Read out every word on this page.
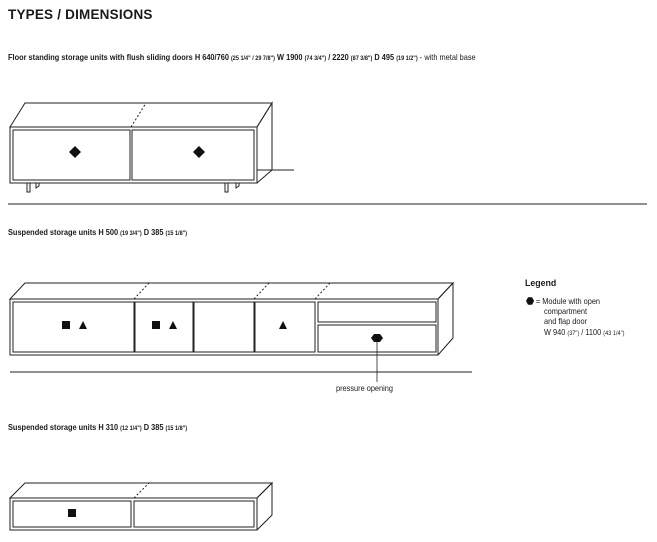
TYPES / DIMENSIONS
Floor standing storage units with flush sliding doors H 640/760 (25 1/4" / 29 7/8") W 1900 (74 3/4") / 2220 (87 3/8") D 495 (19 1/2") - with metal base
Suspended storage units H 500 (19 3/4") D 385 (15 1/8")
Suspended storage units H 310 (12 1/4") D 385 (15 1/8")
Legend
= Module with open
compartment
and flap door
W 940 (37") / 1100 (43 1/4")
pressure opening
